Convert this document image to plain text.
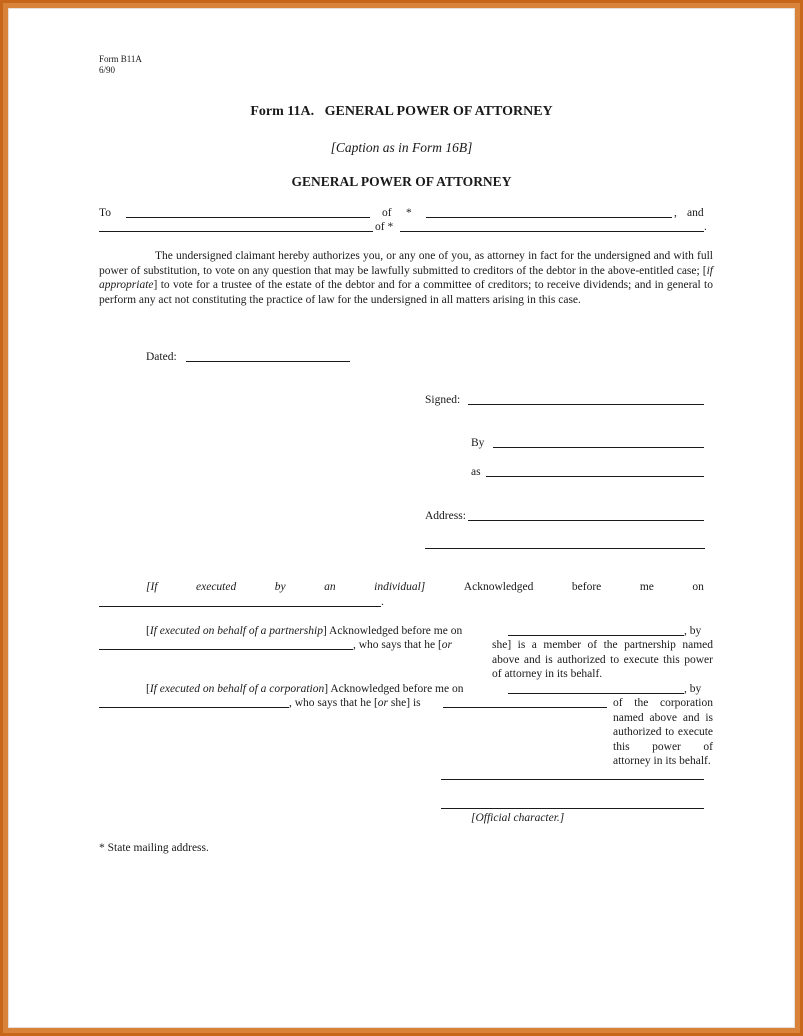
Form B11A
6/90
Form 11A.   GENERAL POWER OF ATTORNEY
[Caption as in Form 16B]
GENERAL POWER OF ATTORNEY
To	of *	, and
of *	.

The undersigned claimant hereby authorizes you, or any one of you, as attorney in fact for the undersigned and with full power of substitution, to vote on any question that may be lawfully submitted to creditors of the debtor in the above-entitled case; [if appropriate] to vote for a trustee of the estate of the debtor and for a committee of creditors; to receive dividends; and in general to perform any act not constituting the practice of law for the undersigned in all matters arising in this case.

Dated:
Signed:
By
as
Address:
[If	executed	by	an	individual]	Acknowledged	before	me	on
.
[If executed on behalf of a partnership] Acknowledged before me on	, by
, who says that he [or	she] is a member of the partnership named above and is authorized to execute this power of attorney in its behalf.
[If executed on behalf of a corporation] Acknowledged before me on	, by
, who says that he [or she] is	of the corporation named above and is authorized to execute this power of attorney in its behalf.
[Official character.]
* State mailing address.
